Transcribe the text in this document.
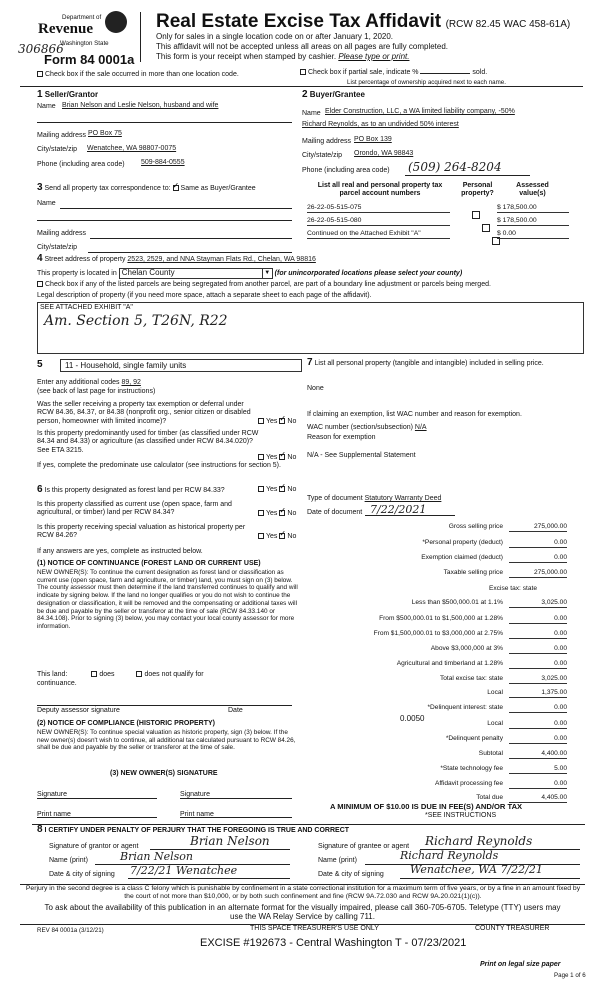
Department of
Revenue
Washington State
306866
Form 84 0001a
Real Estate Excise Tax Affidavit (RCW 82.45 WAC 458-61A)
Only for sales in a single location code on or after January 1, 2020.
This affidavit will not be accepted unless all areas on all pages are fully completed.
This form is your receipt when stamped by cashier. Please type or print.
Check box if the sale occurred in more than one location code.	Check box if partial sale, indicate %	sold.
List percentage of ownership acquired next to each name.
1 Seller/Grantor
Name Brian Nelson and Leslie Nelson, husband and wife
Mailing address PO Box 75
City/state/zip Wenatchee, WA 98807-0075
Phone (including area code) 509-884-0555
2 Buyer/Grantee
Name Elder Construction, LLC, a WA limited liability company, -50%
Richard Reynolds, as to an undivided 50% interest
Mailing address PO Box 139
City/state/zip Orondo, WA 98843
Phone (including area code) (509) 264-8204
3 Send all property tax correspondence to: ✓ Same as Buyer/Grantee
Name
Mailing address
City/state/zip
List all real and personal property tax parcel account numbers
Personal property?
Assessed value(s)
26-22-05-515-075	$ 178,500.00
26-22-05-515-080	$ 178,500.00
Continued on the Attached Exhibit "A"	$ 0.00
4 Street address of property 2523, 2529, and NNA Stayman Flats Rd., Chelan, WA 98816
This property is located in Chelan County	▼ (for unincorporated locations please select your county)
Check box if any of the listed parcels are being segregated from another parcel, are part of a boundary line adjustment or parcels being merged.
Legal description of property (if you need more space, attach a separate sheet to each page of the affidavit).
SEE ATTACHED EXHIBIT "A"
Am. Section 5, T26N, R22
5	11 - Household, single family units
Enter any additional codes 89, 92
(see back of last page for instructions)
Was the seller receiving a property tax exemption or deferral under RCW 84.36, 84.37, or 84.38 (nonprofit org., senior citizen or disabled person, homeowner with limited income)?	Yes ✓ No
Is this property predominantly used for timber (as classified under RCW 84.34 and 84.33) or agriculture (as classified under RCW 84.34.020)? See ETA 3215.
Yes ✓ No
If yes, complete the predominate use calculator (see instructions for section 5).
6 Is this property designated as forest land per RCW 84.33?	Yes ✓ No
Is this property classified as current use (open space, farm and agricultural, or timber) land per RCW 84.34?	Yes ✓ No
Is this property receiving special valuation as historical property per RCW 84.26?	Yes ✓ No
If any answers are yes, complete as instructed below.
(1) NOTICE OF CONTINUANCE (FOREST LAND OR CURRENT USE)
NEW OWNER(S): To continue the current designation as forest land or classification as current use (open space, farm and agriculture, or timber) land, you must sign on (3) below. The county assessor must then determine if the land transferred continues to qualify and will indicate by signing below. If the land no longer qualifies or you do not wish to continue the designation or classification, it will be removed and the compensating or additional taxes will be due and payable by the seller or transferor at the time of sale (RCW 84.33.140 or 84.34.108). Prior to signing (3) below, you may contact your local county assessor for more information.
This land:	does	does not qualify for
continuance.
Deputy assessor signature	Date
(2) NOTICE OF COMPLIANCE (HISTORIC PROPERTY)
NEW OWNER(S): To continue special valuation as historic property, sign (3) below. If the new owner(s) doesn't wish to continue, all additional tax calculated pursuant to RCW 84.26, shall be due and payable by the seller or transferor at the time of sale.
(3) NEW OWNER(S) SIGNATURE
Signature	Signature
Print name	Print name
7 List all personal property (tangible and intangible) included in selling price.
None
If claiming an exemption, list WAC number and reason for exemption.
WAC number (section/subsection) N/A
Reason for exemption
N/A - See Supplemental Statement
Type of document Statutory Warranty Deed
Date of document 7/22/2021
Gross selling price	275,000.00
*Personal property (deduct)	0.00
Exemption claimed (deduct)	0.00
Taxable selling price	275,000.00
Excise tax: state
Less than $500,000.01 at 1.1%	3,025.00
From $500,000.01 to $1,500,000 at 1.28%	0.00
From $1,500,000.01 to $3,000,000 at 2.75%	0.00
Above $3,000,000 at 3%	0.00
Agricultural and timberland at 1.28%	0.00
Total excise tax: state	3,025.00
Local	1,375.00
*Delinquent interest: state	0.00
Local	0.00
*Delinquent penalty	0.00
Subtotal	4,400.00
*State technology fee	5.00
Affidavit processing fee	0.00
Total due	4,405.00
0.0050
A MINIMUM OF $10.00 IS DUE IN FEE(S) AND/OR TAX
*SEE INSTRUCTIONS
8 I CERTIFY UNDER PENALTY OF PERJURY THAT THE FOREGOING IS TRUE AND CORRECT
Signature of grantor or agent	Brian Nelson
Name (print)	Brian Nelson
Date & city of signing 7/22/21 Wenatchee
Signature of grantee or agent Richard Reynolds
Name (print)	Richard Reynolds
Date & city of signing Wenatchee, WA 7/22/21
Perjury in the second degree is a class C felony which is punishable by confinement in a state correctional institution for a maximum term of five years, or by a fine in an amount fixed by the court of not more than $10,000, or by both such confinement and fine (RCW 9A.72.030 and RCW 9A.20.021(1)(c)).
To ask about the availability of this publication in an alternate format for the visually impaired, please call 360-705-6705. Teletype (TTY) users may use the WA Relay Service by calling 711.
REV 84 0001a (3/12/21)	THIS SPACE TREASURER'S USE ONLY	COUNTY TREASURER
EXCISE #192673 - Central Washington T - 07/23/2021
Print on legal size paper
Page 1 of 6
